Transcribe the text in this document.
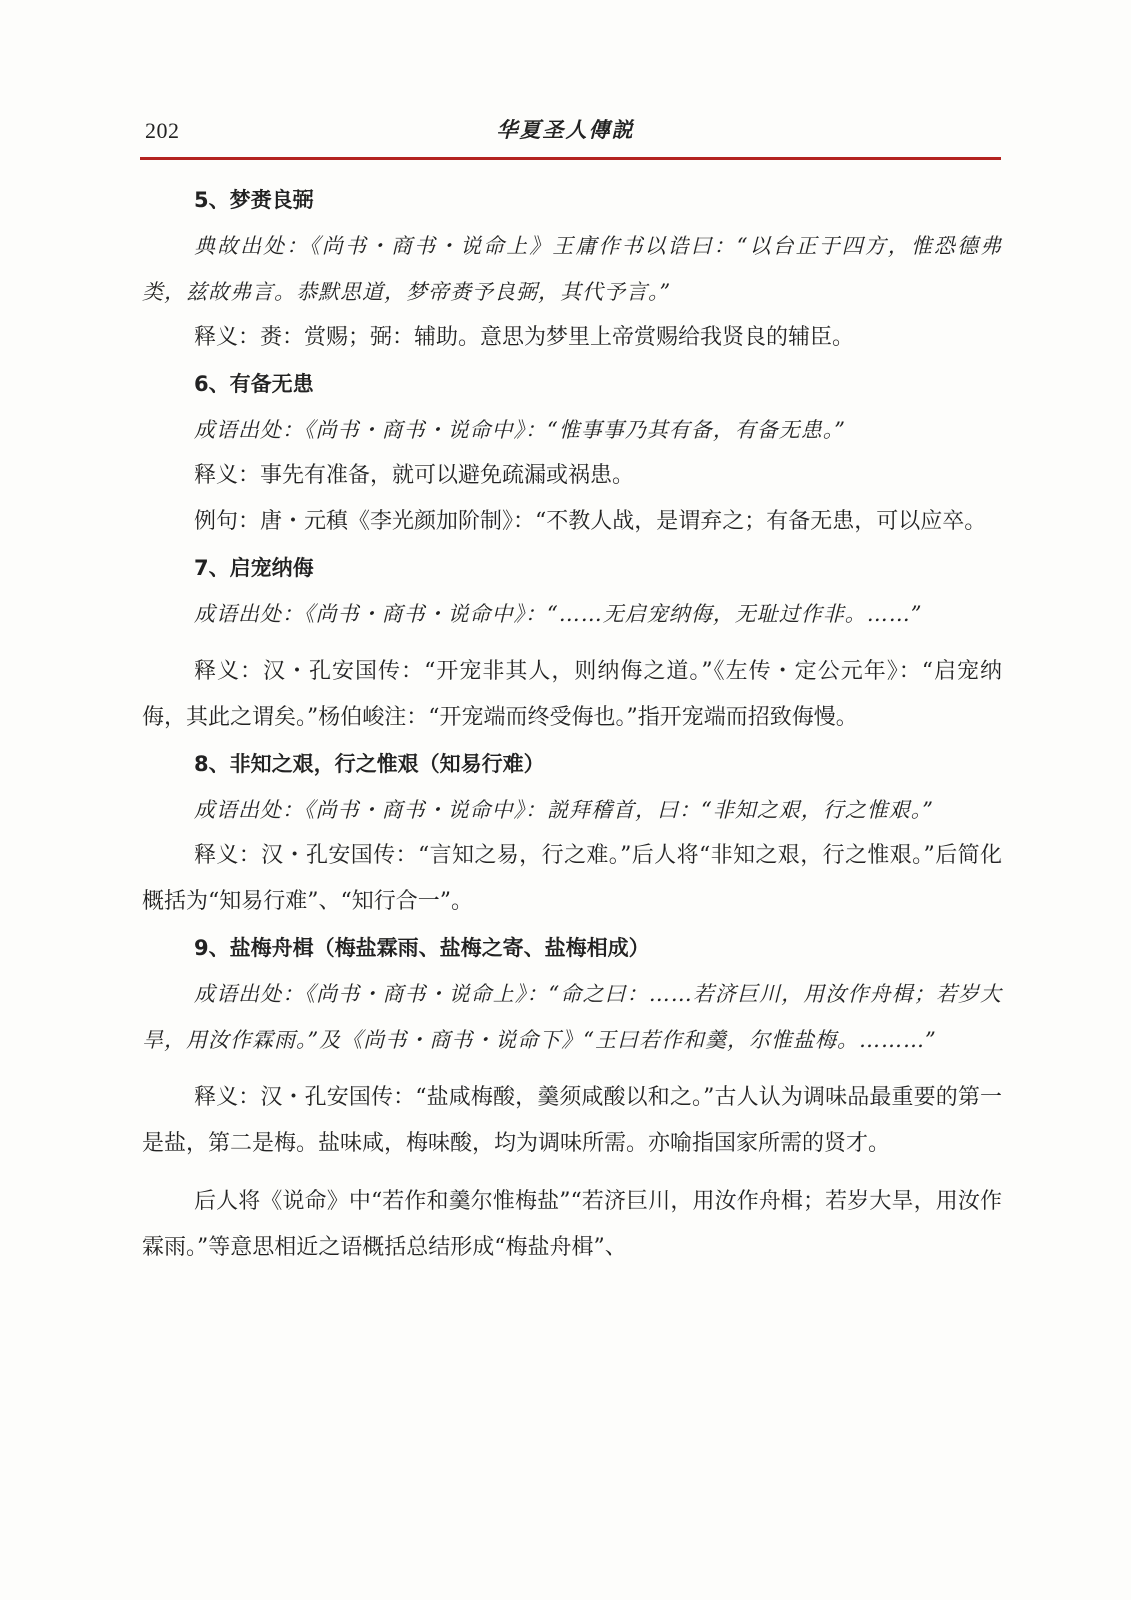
202	华夏圣人傳説
5、梦赉良弼

典故出处：《尚书・商书・说命上》王庸作书以诰曰：“以台正于四方，惟恐德弗类，兹故弗言。恭默思道，梦帝赉予良弼，其代予言。”

释义：赉：赏赐；弼：辅助。意思为梦里上帝赏赐给我贤良的辅臣。

6、有备无患

成语出处：《尚书・商书・说命中》：“惟事事乃其有备，有备无患。”

释义：事先有准备，就可以避免疏漏或祸患。

例句：唐・元稹《李光颜加阶制》：“不教人战，是谓弃之；有备无患，可以应卒。

7、启宠纳侮

成语出处：《尚书・商书・说命中》：“……无启宠纳侮，无耻过作非。……”

释义：汉・孔安国传：“开宠非其人，则纳侮之道。”《左传・定公元年》：“启宠纳侮，其此之谓矣。”杨伯峻注：“开宠端而终受侮也。”指开宠端而招致侮慢。

8、非知之艰，行之惟艰（知易行难）

成语出处：《尚书・商书・说命中》：説拜稽首，曰：“非知之艰，行之惟艰。”

释义：汉・孔安国传：“言知之易，行之难。”后人将“非知之艰，行之惟艰。”后简化概括为“知易行难”、“知行合一”。

9、盐梅舟楫（梅盐霖雨、盐梅之寄、盐梅相成）

成语出处：《尚书・商书・说命上》：“命之曰：……若济巨川，用汝作舟楫；若岁大旱，用汝作霖雨。”及《尚书・商书・说命下》“王曰若作和羹，尔惟盐梅。………”

释义：汉・孔安国传：“盐咸梅酸，羹须咸酸以和之。”古人认为调味品最重要的第一是盐，第二是梅。盐味咸，梅味酸，均为调味所需。亦喻指国家所需的贤才。

后人将《说命》中“若作和羹尔惟梅盐”“若济巨川，用汝作舟楫；若岁大旱，用汝作霖雨。”等意思相近之语概括总结形成“梅盐舟楫”、
